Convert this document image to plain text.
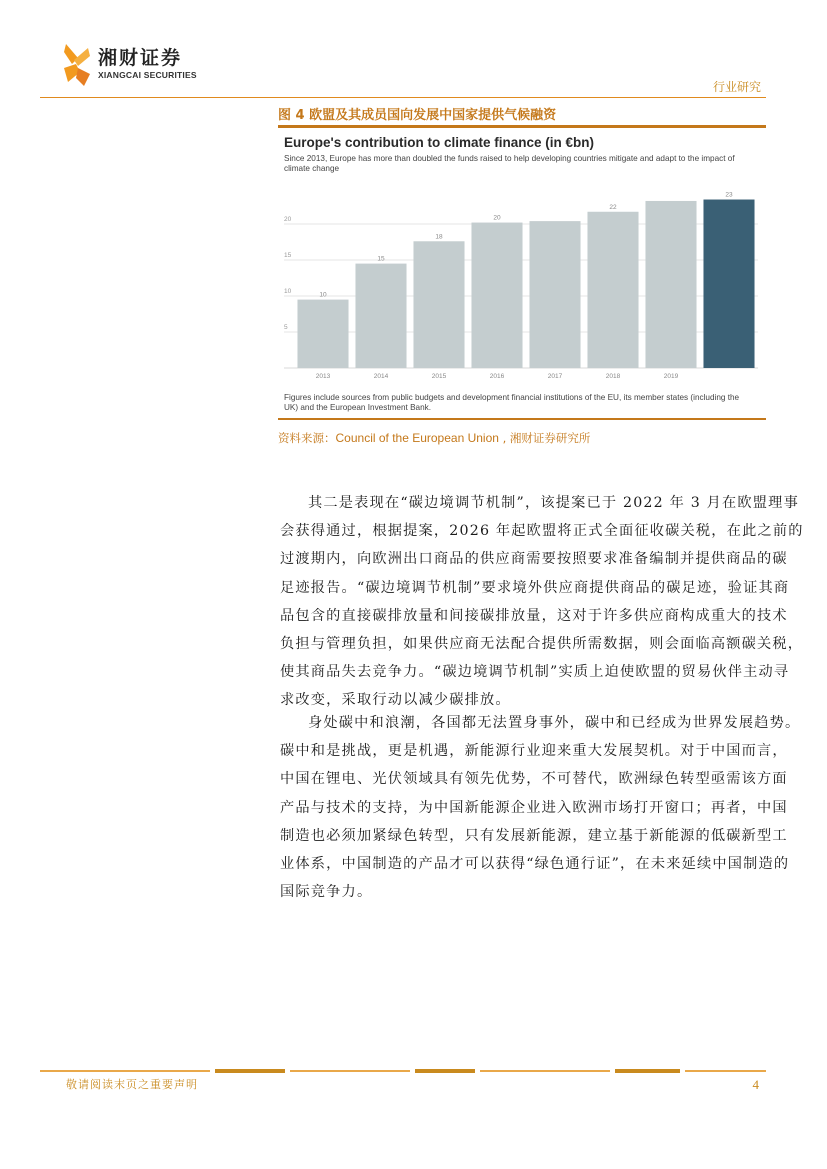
湘财证券
XIANGCAI SECURITIES
行业研究
图 4 欧盟及其成员国向发展中国家提供气候融资
Europe's contribution to climate finance (in €bn)
Since 2013, Europe has more than doubled the funds raised to help developing countries mitigate and adapt to the impact of climate change
5
10
15
20
10
2013
15
2014
18
2015
20
2016	2017
22
2018	2019
23
Figures include sources from public budgets and development financial institutions of the EU, its member states (including the UK) and the European Investment Bank.
资料来源：Council of the European Union , 湘财证券研究所
其二是表现在“碳边境调节机制”，该提案已于 2022 年 3 月在欧盟理事
会获得通过，根据提案，2026 年起欧盟将正式全面征收碳关税，在此之前的
过渡期内，向欧洲出口商品的供应商需要按照要求准备编制并提供商品的碳
足迹报告。“碳边境调节机制”要求境外供应商提供商品的碳足迹，验证其商
品包含的直接碳排放量和间接碳排放量，这对于许多供应商构成重大的技术
负担与管理负担，如果供应商无法配合提供所需数据，则会面临高额碳关税，
使其商品失去竞争力。“碳边境调节机制”实质上迫使欧盟的贸易伙伴主动寻
求改变，采取行动以减少碳排放。
身处碳中和浪潮，各国都无法置身事外，碳中和已经成为世界发展趋势。
碳中和是挑战，更是机遇，新能源行业迎来重大发展契机。对于中国而言，
中国在锂电、光伏领域具有领先优势，不可替代，欧洲绿色转型亟需该方面
产品与技术的支持，为中国新能源企业进入欧洲市场打开窗口；再者，中国
制造也必须加紧绿色转型，只有发展新能源，建立基于新能源的低碳新型工
业体系，中国制造的产品才可以获得“绿色通行证”，在未来延续中国制造的
国际竞争力。
敬请阅读末页之重要声明	4
